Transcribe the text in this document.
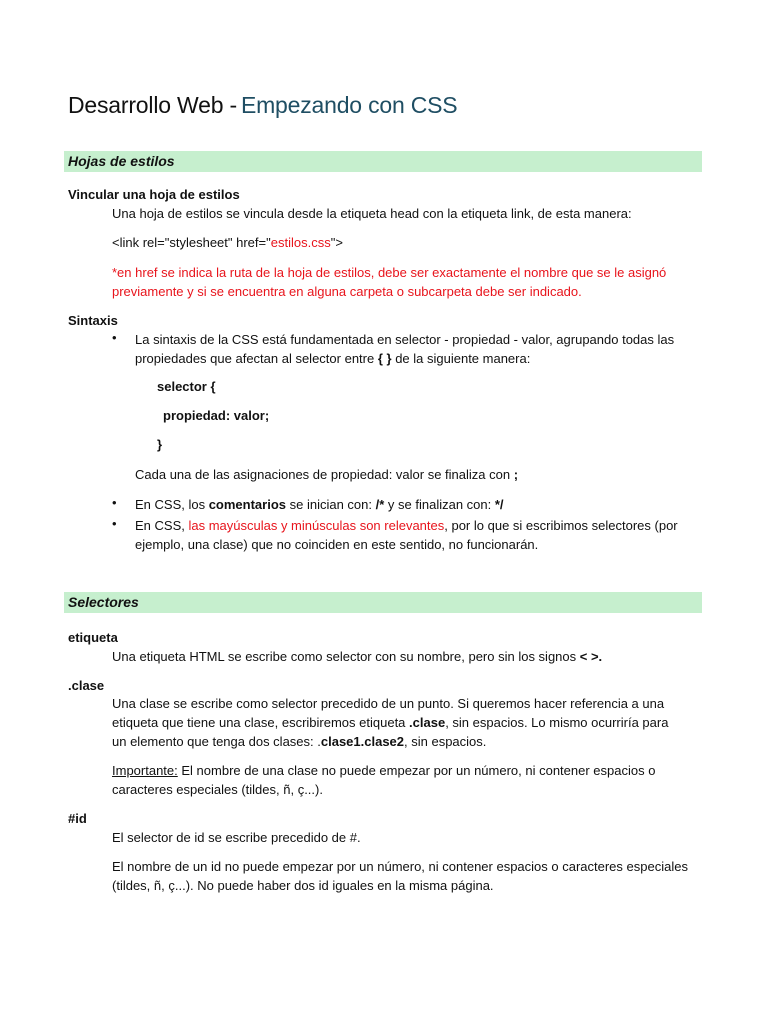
Desarrollo Web - Empezando con CSS
Hojas de estilos
Vincular una hoja de estilos
Una hoja de estilos se vincula desde la etiqueta head con la etiqueta link, de esta manera:
<link rel="stylesheet" href="estilos.css">
*en href se indica la ruta de la hoja de estilos, debe ser exactamente el nombre que se le asignó
previamente y si se encuentra en alguna carpeta o subcarpeta debe ser indicado.
Sintaxis
• La sintaxis de la CSS está fundamentada en selector - propiedad - valor, agrupando todas las
propiedades que afectan al selector entre { } de la siguiente manera:
selector {
propiedad: valor;
}
Cada una de las asignaciones de propiedad: valor se finaliza con ;
• En CSS, los comentarios se inician con: /* y se finalizan con: */
• En CSS, las mayúsculas y minúsculas son relevantes, por lo que si escribimos selectores (por
ejemplo, una clase) que no coinciden en este sentido, no funcionarán.
Selectores
etiqueta
Una etiqueta HTML se escribe como selector con su nombre, pero sin los signos < >.
.clase
Una clase se escribe como selector precedido de un punto. Si queremos hacer referencia a una
etiqueta que tiene una clase, escribiremos etiqueta .clase, sin espacios. Lo mismo ocurriría para
un elemento que tenga dos clases: .clase1.clase2, sin espacios.
Importante: El nombre de una clase no puede empezar por un número, ni contener espacios o
caracteres especiales (tildes, ñ, ç...).
#id
El selector de id se escribe precedido de #.
El nombre de un id no puede empezar por un número, ni contener espacios o caracteres especiales
(tildes, ñ, ç...). No puede haber dos id iguales en la misma página.
